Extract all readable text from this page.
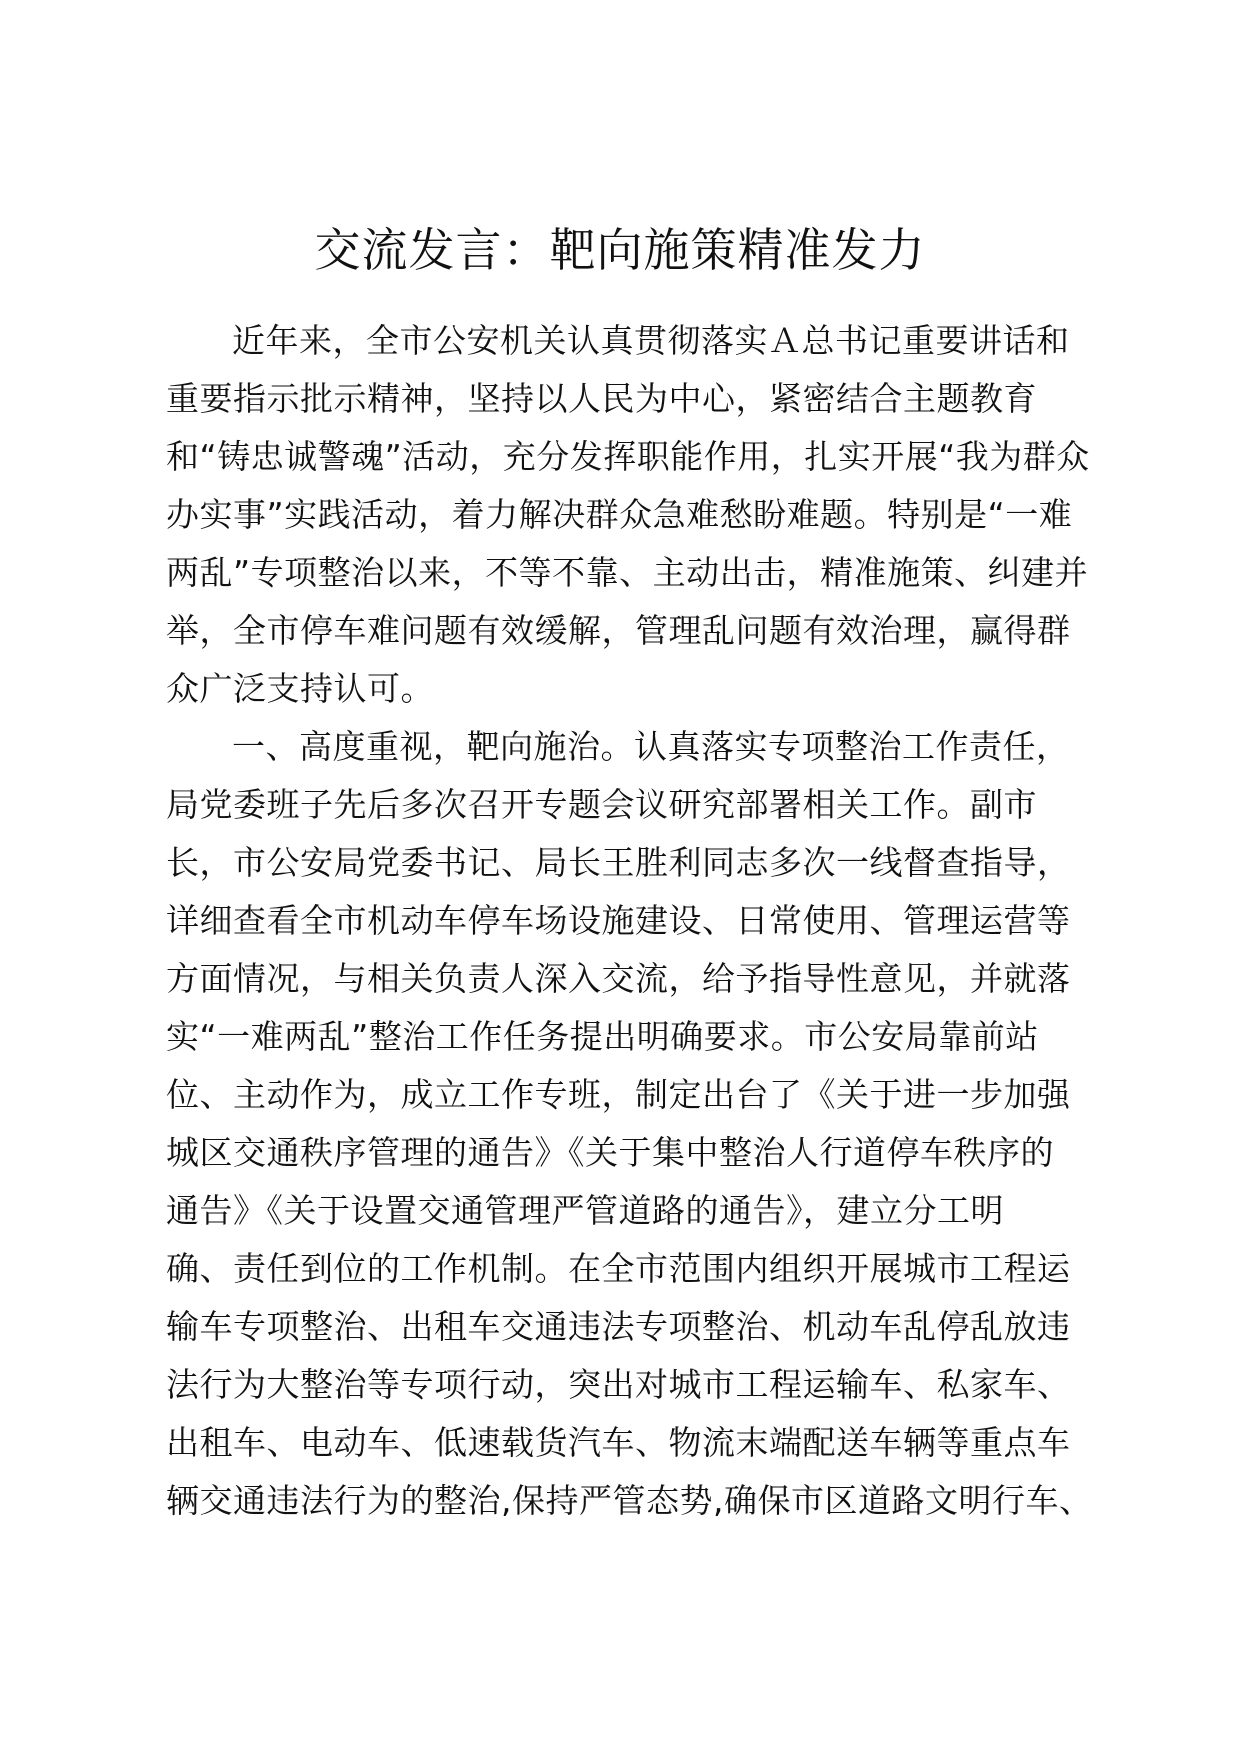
交流发言：靶向施策精准发力
近年来，全市公安机关认真贯彻落实Ａ总书记重要讲话和
重要指示批示精神，坚持以人民为中心，紧密结合主题教育
和“铸忠诚警魂”活动，充分发挥职能作用，扎实开展“我为群众
办实事”实践活动，着力解决群众急难愁盼难题。特别是“一难
两乱”专项整治以来，不等不靠、主动出击，精准施策、纠建并
举，全市停车难问题有效缓解，管理乱问题有效治理，赢得群
众广泛支持认可。
一、高度重视，靶向施治。认真落实专项整治工作责任，
局党委班子先后多次召开专题会议研究部署相关工作。副市
长，市公安局党委书记、局长王胜利同志多次一线督查指导，
详细查看全市机动车停车场设施建设、日常使用、管理运营等
方面情况，与相关负责人深入交流，给予指导性意见，并就落
实“一难两乱”整治工作任务提出明确要求。市公安局靠前站
位、主动作为，成立工作专班，制定出台了《关于进一步加强
城区交通秩序管理的通告》《关于集中整治人行道停车秩序的
通告》《关于设置交通管理严管道路的通告》，建立分工明
确、责任到位的工作机制。在全市范围内组织开展城市工程运
输车专项整治、出租车交通违法专项整治、机动车乱停乱放违
法行为大整治等专项行动，突出对城市工程运输车、私家车、
出租车、电动车、低速载货汽车、物流末端配送车辆等重点车
辆交通违法行为的整治,保持严管态势,确保市区道路文明行车、
